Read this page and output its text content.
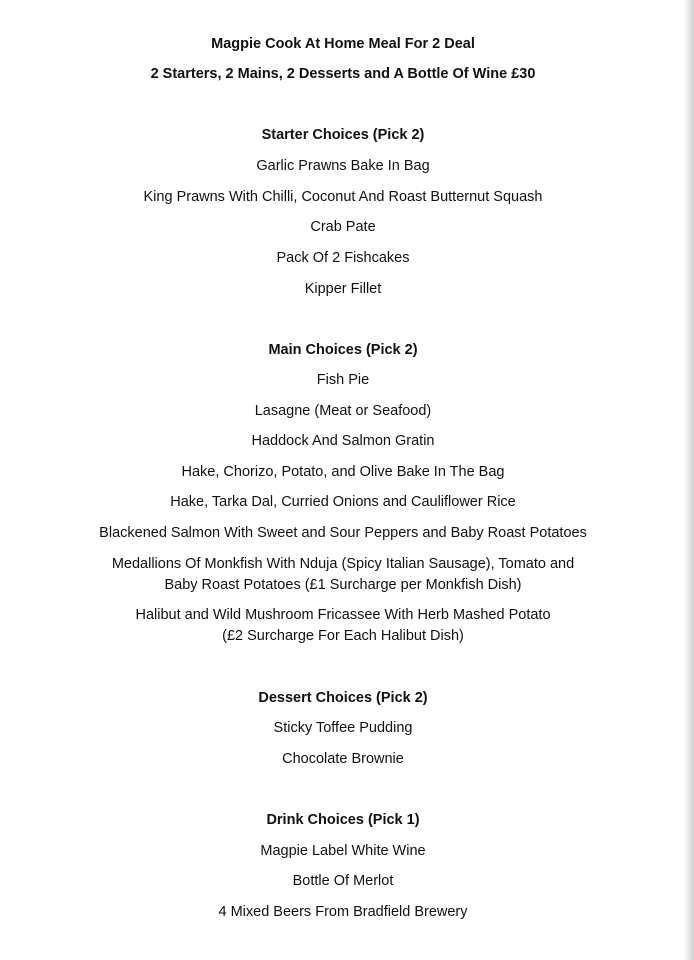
Magpie Cook At Home Meal For 2 Deal
2 Starters, 2 Mains, 2 Desserts and A Bottle Of Wine £30
Starter Choices (Pick 2)
Garlic Prawns Bake In Bag
King Prawns With Chilli, Coconut And Roast Butternut Squash
Crab Pate
Pack Of 2 Fishcakes
Kipper Fillet
Main Choices (Pick 2)
Fish Pie
Lasagne (Meat or Seafood)
Haddock And Salmon Gratin
Hake, Chorizo, Potato, and Olive Bake In The Bag
Hake, Tarka Dal, Curried Onions and Cauliflower Rice
Blackened Salmon With Sweet and Sour Peppers and Baby Roast Potatoes
Medallions Of Monkfish With Nduja (Spicy Italian Sausage), Tomato and
Baby Roast Potatoes (£1 Surcharge per Monkfish Dish)
Halibut and Wild Mushroom Fricassee With Herb Mashed Potato
(£2 Surcharge For Each Halibut Dish)
Dessert Choices (Pick 2)
Sticky Toffee Pudding
Chocolate Brownie
Drink Choices (Pick 1)
Magpie Label White Wine
Bottle Of Merlot
4 Mixed Beers From Bradfield Brewery
